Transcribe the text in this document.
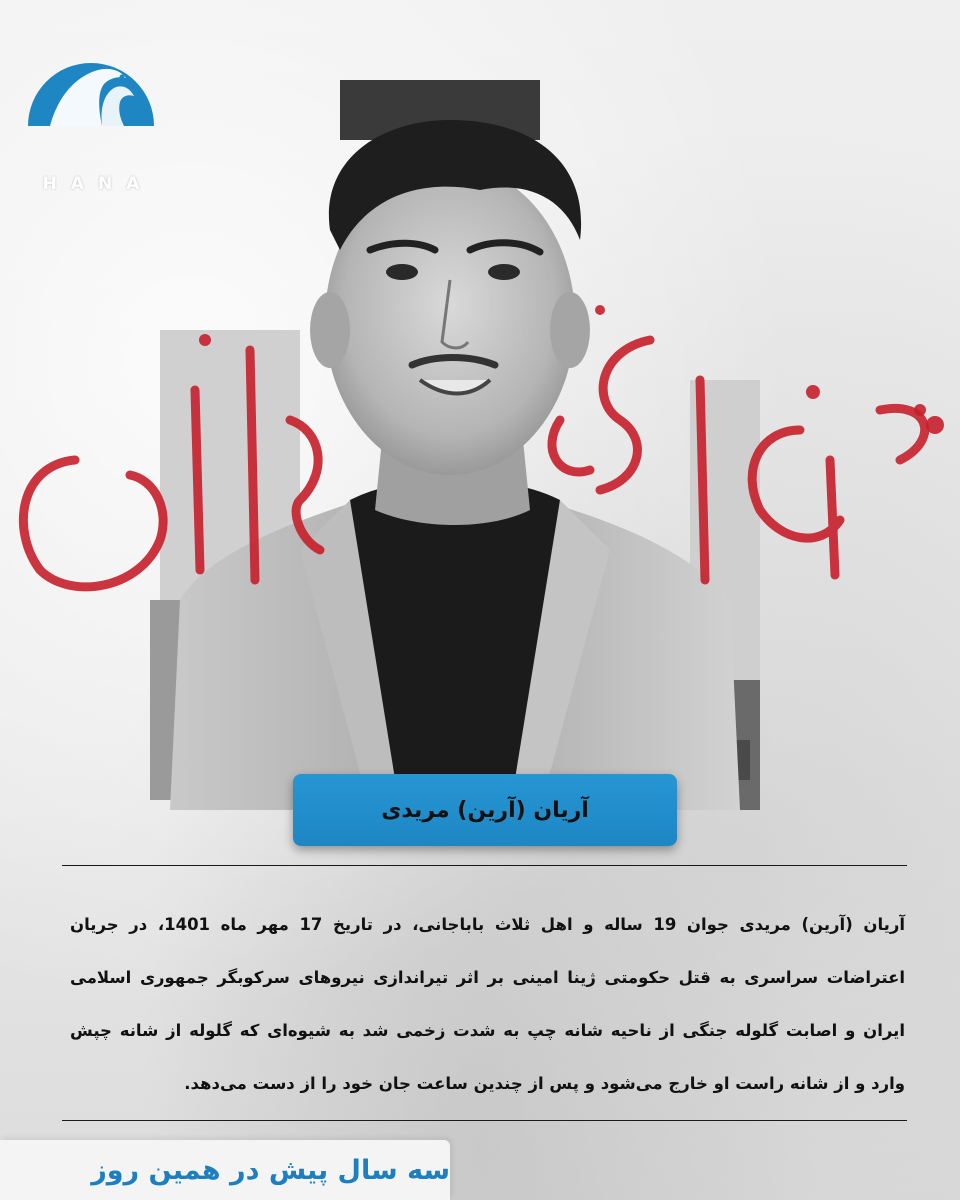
HANA
آریان (آرین) مریدی
آریان (آرین) مریدی جوان 19 ساله و اهل ثلاث باباجانی، در تاریخ 17 مهر ماه 1401، در جریان اعتراضات سراسری به قتل حکومتی ژینا امینی بر اثر تیراندازی نیروهای سرکوبگر جمهوری اسلامی ایران و اصابت گلوله جنگی از ناحیه شانه چپ به شدت زخمی شد به شیوه‌ای که گلوله از شانه چپش وارد و از شانه راست او خارج می‌شود و پس از چندین ساعت جان خود را از دست می‌دهد.
سه سال پیش در همین روز
